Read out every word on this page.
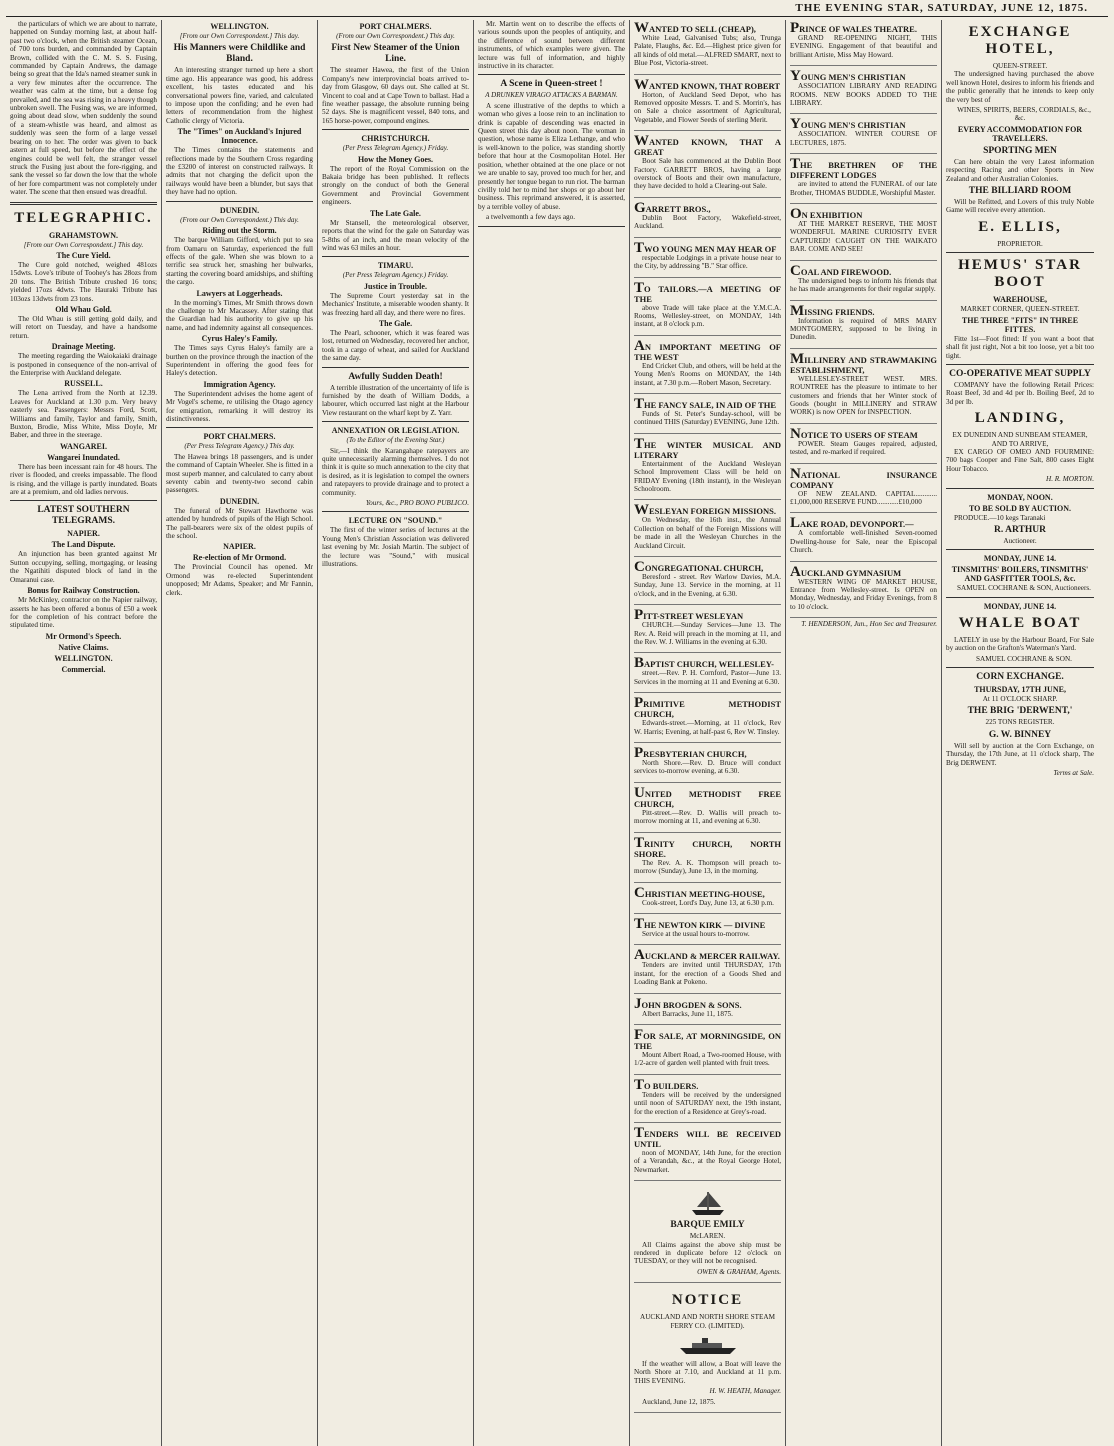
THE EVENING STAR, SATURDAY, JUNE 12, 1875.

the particulars of which we are about to narrate, happened on Sunday morning last, at about half-past two o'clock, when the British steamer Ocean, of 700 tons burden, and commanded by Captain Brown, collided with the C. M. S. S. Fusing, commanded by Captain Andrews, the damage being so great that the Ida's named steamer sunk in a very few minutes after the occurrence. The weather was calm at the time, but a dense fog prevailed, and the sea was rising in a heavy though unbroken swell. The Fusing was, we are informed, going about dead slow, when suddenly the sound of a steam-whistle was heard, and almost as suddenly was seen the form of a large vessel bearing on to her. The order was given to back astern at full speed, but before the effect of the engines could be well felt, the stranger vessel struck the Fusing just about the fore-rigging, and sank the vessel so far down the low that the whole of her fore compartment was not completely under water. The scene that then ensued was dreadful.

TELEGRAPHIC.
GRAHAMSTOWN.
[From our Own Correspondent.] This day.
The Cure Yield.

The Cure gold notched, weighed 481ozs 15dwts. Love's tribute of Toohey's has 28ozs from 20 tons. The British Tribute crushed 16 tons; yielded 17ozs 4dwts. The Hauraki Tribute has 103ozs 13dwts from 23 tons.

Old Whau Gold.

The Old Whau is still getting gold daily, and will retort on Tuesday, and have a handsome return.

Drainage Meeting.

The meeting regarding the Waiokaiaki drainage is postponed in consequence of the non-arrival of the Enterprise with Auckland delegate.

RUSSELL.

The Lena arrived from the North at 12.39. Leaves for Auckland at 1.30 p.m. Very heavy easterly sea. Passengers: Messrs Ford, Scott, Williams and family, Taylor and family, Smith, Buxton, Brodie, Miss White, Miss Doyle, Mr Baber, and three in the steerage.

WANGAREI.
Wangarei Inundated.

There has been incessant rain for 48 hours. The river is flooded, and creeks impassable. The flood is rising, and the village is partly inundated. Boats are at a premium, and old ladies nervous.

LATEST SOUTHERN TELEGRAMS.
NAPIER.
The Land Dispute.

An injunction has been granted against Mr Sutton occupying, selling, mortgaging, or leasing the Ngatihiti disputed block of land in the Omaranui case.

Bonus for Railway Construction.

Mr McKinley, contractor on the Napier railway, asserts he has been offered a bonus of £50 a week for the completion of his contract before the stipulated time.

Mr Ormond's Speech.
Native Claims.
WELLINGTON.
Commercial.
WELLINGTON.
[From our Own Correspondent.] This day.
His Manners were Childlike and Bland.

An interesting stranger turned up here a short time ago. His appearance was good, his address excellent, his tastes educated and his conversational powers fine, varied, and calculated to impose upon the confiding; and he even had letters of recommendation from the highest Catholic clergy of Victoria.

The "Times" on Auckland's Injured Innocence.

The Times contains the statements and reflections made by the Southern Cross regarding the £3200 of interest on constructed railways. It admits that not charging the deficit upon the railways would have been a blunder, but says that they have had no option.

DUNEDIN.
(From our Own Correspondent.) This day.
Riding out the Storm.

The barque William Gifford, which put to sea from Oamaru on Saturday, experienced the full effects of the gale. When she was blown to a terrific sea struck her, smashing her bulwarks, starting the covering board amidships, and shifting the cargo.

Lawyers at Loggerheads.

In the morning's Times, Mr Smith throws down the challenge to Mr Macassey. After stating that the Guardian had his authority to give up his name, and had indemnity against all consequences.

Cyrus Haley's Family.

The Times says Cyrus Haley's family are a burthen on the province through the inaction of the Superintendent in offering the good fees for Haley's detection.

Immigration Agency.

The Superintendent advises the home agent of Mr Vogel's scheme, re utilising the Otago agency for emigration, remarking it will destroy its distinctiveness.

PORT CHALMERS.
(Per Press Telegram Agency.) This day.

The Hawea brings 18 passengers, and is under the command of Captain Wheeler. She is fitted in a most superb manner, and calculated to carry about seventy cabin and twenty-two second cabin passengers.

DUNEDIN.

The funeral of Mr Stewart Hawthorne was attended by hundreds of pupils of the High School. The pall-bearers were six of the oldest pupils of the school.

NAPIER.
Re-election of Mr Ormond.

The Provincial Council has opened. Mr Ormond was re-elected Superintendent unopposed; Mr Adams, Speaker; and Mr Fannin, clerk.

PORT CHALMERS.
(From our Own Correspondent.) This day.
First New Steamer of the Union Line.

The steamer Hawea, the first of the Union Company's new interprovincial boats arrived to-day from Glasgow, 60 days out. She called at St. Vincent to coal and at Cape Town to ballast. Had a fine weather passage, the absolute running being 52 days. She is magnificent vessel, 840 tons, and 165 horse-power, compound engines.

CHRISTCHURCH.
(Per Press Telegram Agency.) Friday.
How the Money Goes.

The report of the Royal Commission on the Bakaia bridge has been published. It reflects strongly on the conduct of both the General Government and Provincial Government engineers.

The Late Gale.

Mr Stansell, the meteorological observer, reports that the wind for the gale on Saturday was 5-8ths of an inch, and the mean velocity of the wind was 63 miles an hour.

TIMARU.
(Per Press Telegram Agency.) Friday.
Justice in Trouble.

The Supreme Court yesterday sat in the Mechanics' Institute, a miserable wooden shanty. It was freezing hard all day, and there were no fires.

The Gale.

The Pearl, schooner, which it was feared was lost, returned on Wednesday, recovered her anchor, took in a cargo of wheat, and sailed for Auckland the same day.

Awfully Sudden Death!

A terrible illustration of the uncertainty of life is furnished by the death of William Dodds, a labourer, which occurred last night at the Harbour View restaurant on the wharf kept by Z. Yarr.

ANNEXATION OR LEGISLATION.
(To the Editor of the Evening Star.)

Sir,—I think the Karangahape ratepayers are quite unnecessarily alarming themselves. I do not think it is quite so much annexation to the city that is desired, as it is legislation to compel the owners and ratepayers to provide drainage and to protect a community.

Yours, &c., PRO BONO PUBLICO.

LECTURE ON "SOUND."

The first of the winter series of lectures at the Young Men's Christian Association was delivered last evening by Mr. Josiah Martin. The subject of the lecture was "Sound," with musical illustrations.

Mr. Martin went on to describe the effects of various sounds upon the peoples of antiquity, and the difference of sound between different instruments, of which examples were given. The lecture was full of information, and highly instructive in its character.

A Scene in Queen-street !
A DRUNKEN VIRAGO ATTACKS A BARMAN.

A scene illustrative of the depths to which a woman who gives a loose rein to an inclination to drink is capable of descending was enacted in Queen street this day about noon. The woman in question, whose name is Eliza Lethange, and who is well-known to the police, was standing shortly before that hour at the Cosmopolitan Hotel. Her position, whether obtained at the one place or not we are unable to say, proved too much for her, and presently her tongue began to run riot. The barman civilly told her to mind her shops or go about her business. This reprimand answered, it is asserted, by a terrible volley of abuse.

a twelvemonth a few days ago.

WANTED TO SELL (CHEAP),

White Lead, Galvanised Tubs; also, Trunga Palate, Flaughs, &c. Ed.—Highest price given for all kinds of old metal.—ALFRED SMART, next to Blue Post, Victoria-street.

WANTED KNOWN, THAT ROBERT

Horton, of Auckland Seed Depot, who has Removed opposite Messrs. T. and S. Morrin's, has on Sale a choice assortment of Agricultural, Vegetable, and Flower Seeds of sterling Merit.

WANTED KNOWN, THAT A GREAT

Boot Sale has commenced at the Dublin Boot Factory. GARRETT BROS, having a large overstock of Boots and their own manufacture, they have decided to hold a Clearing-out Sale.

GARRETT BROS.,

Dublin Boot Factory, Wakefield-street, Auckland.

TWO YOUNG MEN MAY HEAR OF

respectable Lodgings in a private house near to the City, by addressing "B." Star office.

TO TAILORS.—A MEETING OF THE

above Trade will take place at the Y.M.C.A. Rooms, Wellesley-street, on MONDAY, 14th instant, at 8 o'clock p.m.

AN IMPORTANT MEETING OF THE WEST

End Cricket Club, and others, will be held at the Young Men's Rooms on MONDAY, the 14th instant, at 7.30 p.m.—Robert Mason, Secretary.

THE FANCY SALE, IN AID OF THE

Funds of St. Peter's Sunday-school, will be continued THIS (Saturday) EVENING, June 12th.

THE WINTER MUSICAL AND LITERARY

Entertainment of the Auckland Wesleyan School Improvement Class will be held on FRIDAY Evening (18th instant), in the Wesleyan Schoolroom.

WESLEYAN FOREIGN MISSIONS.

On Wednesday, the 16th inst., the Annual Collection on behalf of the Foreign Missions will be made in all the Wesleyan Churches in the Auckland Circuit.

CONGREGATIONAL CHURCH,

Beresford - street. Rev Warlow Davies, M.A. Sunday, June 13. Service in the morning, at 11 o'clock, and in the Evening, at 6.30.

PITT-STREET WESLEYAN

CHURCH.—Sunday Services—June 13. The Rev. A. Reid will preach in the morning at 11, and the Rev. W. J. Williams in the evening at 6.30.

BAPTIST CHURCH, WELLESLEY-

street.—Rev. P. H. Cornford, Pastor—June 13. Services in the morning at 11 and Evening at 6.30.

PRIMITIVE METHODIST CHURCH,

Edwards-street.—Morning, at 11 o'clock, Rev W. Harris; Evening, at half-past 6, Rev W. Tinsley.

PRESBYTERIAN CHURCH,

North Shore.—Rev. D. Bruce will conduct services to-morrow evening, at 6.30.

UNITED METHODIST FREE CHURCH,

Pitt-street.—Rev. D. Wallis will preach to-morrow morning at 11, and evening at 6.30.

TRINITY CHURCH, NORTH SHORE.

The Rev. A. K. Thompson will preach to-morrow (Sunday), June 13, in the morning.

CHRISTIAN MEETING-HOUSE,

Cook-street, Lord's Day, June 13, at 6.30 p.m.

THE NEWTON KIRK — DIVINE

Service at the usual hours to-morrow.

AUCKLAND & MERCER RAILWAY.

Tenders are invited until THURSDAY, 17th instant, for the erection of a Goods Shed and Loading Bank at Pokeno.

JOHN BROGDEN & SONS.

Albert Barracks, June 11, 1875.

FOR SALE, AT MORNINGSIDE, ON THE

Mount Albert Road, a Two-roomed House, with 1/2-acre of garden well planted with fruit trees.

TO BUILDERS.

Tenders will be received by the undersigned until noon of SATURDAY next, the 19th instant, for the erection of a Residence at Grey's-road.

TENDERS WILL BE RECEIVED UNTIL

noon of MONDAY, 14th June, for the erection of a Verandah, &c., at the Royal George Hotel, Newmarket.

BARQUE EMILY
McLAREN.

All Claims against the above ship must be rendered in duplicate before 12 o'clock on TUESDAY, or they will not be recognised.

OWEN & GRAHAM, Agents.

NOTICE
AUCKLAND AND NORTH SHORE STEAM FERRY CO. (LIMITED).

If the weather will allow, a Boat will leave the North Shore at 7.10, and Auckland at 11 p.m. THIS EVENING.

H. W. HEATH, Manager.

Auckland, June 12, 1875.

PRINCE OF WALES THEATRE.

GRAND RE-OPENING NIGHT, THIS EVENING. Engagement of that beautiful and brilliant Artiste, Miss May Howard.

YOUNG MEN'S CHRISTIAN

ASSOCIATION LIBRARY AND READING ROOMS. NEW BOOKS ADDED TO THE LIBRARY.

YOUNG MEN'S CHRISTIAN

ASSOCIATION. WINTER COURSE OF LECTURES, 1875.

THE BRETHREN OF THE DIFFERENT LODGES

are invited to attend the FUNERAL of our late Brother, THOMAS BUDDLE, Worshipful Master.

ON EXHIBITION

AT THE MARKET RESERVE, THE MOST WONDERFUL MARINE CURIOSITY EVER CAPTURED! CAUGHT ON THE WAIKATO BAR. COME AND SEE!

COAL AND FIREWOOD.

The undersigned begs to inform his friends that he has made arrangements for their regular supply.

MISSING FRIENDS.

Information is required of MRS MARY MONTGOMERY, supposed to be living in Dunedin.

MILLINERY AND STRAWMAKING ESTABLISHMENT,

WELLESLEY-STREET WEST. MRS. ROUNTREE has the pleasure to intimate to her customers and friends that her Winter stock of Goods (bought in MILLINERY and STRAW WORK) is now OPEN for INSPECTION.

NOTICE TO USERS OF STEAM

POWER. Steam Gauges repaired, adjusted, tested, and re-marked if required.

NATIONAL INSURANCE COMPANY

OF NEW ZEALAND. CAPITAL............£1,000,000 RESERVE FUND............£10,000

LAKE ROAD, DEVONPORT.—

A comfortable well-finished Seven-roomed Dwelling-house for Sale, near the Episcopal Church.

AUCKLAND GYMNASIUM

WESTERN WING OF MARKET HOUSE, Entrance from Wellesley-street. Is OPEN on Monday, Wednesday, and Friday Evenings, from 8 to 10 o'clock.

T. HENDERSON, Jun., Hon Sec and Treasurer.

EXCHANGE HOTEL,
QUEEN-STREET.

The undersigned having purchased the above well known Hotel, desires to inform his friends and the public generally that he intends to keep only the very best of

WINES, SPIRITS, BEERS, CORDIALS, &c., &c.

EVERY ACCOMMODATION FOR TRAVELLERS.
SPORTING MEN

Can here obtain the very Latest information respecting Racing and other Sports in New Zealand and other Australian Colonies.

THE BILLIARD ROOM

Will be Refitted, and Lovers of this truly Noble Game will receive every attention.

E. ELLIS,
PROPRIETOR.
HEMUS' STAR BOOT
WAREHOUSE,
MARKET CORNER, QUEEN-STREET.
THE THREE "FITS" IN THREE FITTES.

Fitte 1st—Foot fitted: If you want a boot that shall fit just right, Not a bit too loose, yet a bit too tight.

CO-OPERATIVE MEAT SUPPLY

COMPANY have the following Retail Prices: Roast Beef, 3d and 4d per lb. Boiling Beef, 2d to 3d per lb.

LANDING,
EX DUNEDIN AND SUNBEAM STEAMER, AND TO ARRIVE,

EX CARGO OF OMEO AND FOURMINE: 700 bags Cooper and Fine Salt, 800 cases Eight Hour Tobacco.

H. R. MORTON.

MONDAY, NOON.
TO BE SOLD BY AUCTION.

PRODUCE.—10 kegs Taranaki

R. ARTHUR
Auctioneer.
MONDAY, JUNE 14.
TINSMITHS' BOILERS, TINSMITHS' AND GASFITTER TOOLS, &c.

SAMUEL COCHRANE & SON, Auctioneers.

MONDAY, JUNE 14.
WHALE BOAT

LATELY in use by the Harbour Board, For Sale by auction on the Grafton's Waterman's Yard.

SAMUEL COCHRANE & SON.

CORN EXCHANGE.
THURSDAY, 17TH JUNE,
At 11 O'CLOCK SHARP.
THE BRIG 'DERWENT,'
225 TONS REGISTER.
G. W. BINNEY

Will sell by auction at the Corn Exchange, on Thursday, the 17th June, at 11 o'clock sharp, The Brig DERWENT.

Terms at Sale.
